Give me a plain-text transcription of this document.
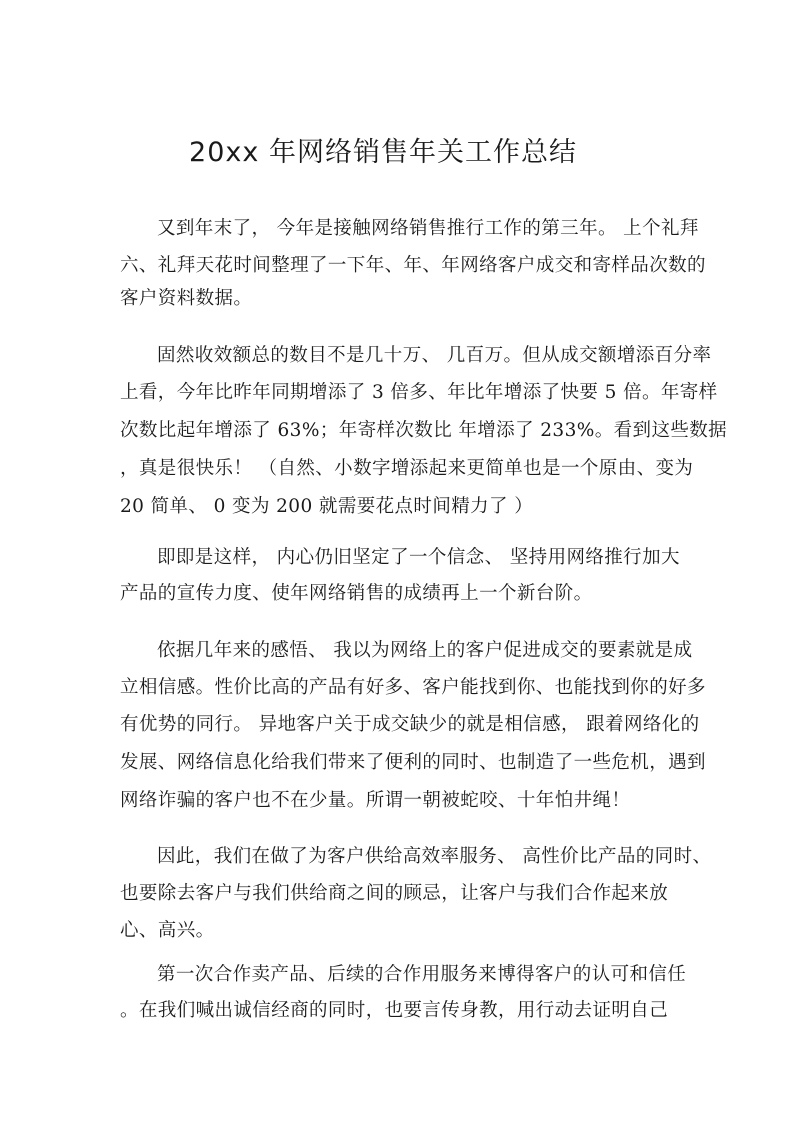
20xx 年网络销售年关工作总结

又到年末了， 今年是接触网络销售推行工作的第三年。 上个礼拜

六、礼拜天花时间整理了一下年、年、年网络客户成交和寄样品次数的

客户资料数据。

固然收效额总的数目不是几十万、 几百万。但从成交额增添百分率

上看，今年比昨年同期增添了 3 倍多、年比年增添了快要 5 倍。年寄样

次数比起年增添了 63%；年寄样次数比 年增添了 233%。看到这些数据

，真是很快乐！ （自然、小数字增添起来更简单也是一个原由、变为

20 简单、 0 变为 200 就需要花点时间精力了 ）

即即是这样， 内心仍旧坚定了一个信念、 坚持用网络推行加大

产品的宣传力度、使年网络销售的成绩再上一个新台阶。

依据几年来的感悟、 我以为网络上的客户促进成交的要素就是成

立相信感。性价比高的产品有好多、客户能找到你、也能找到你的好多

有优势的同行。 异地客户关于成交缺少的就是相信感， 跟着网络化的

发展、网络信息化给我们带来了便利的同时、也制造了一些危机，遇到

网络诈骗的客户也不在少量。所谓一朝被蛇咬、十年怕井绳！

因此，我们在做了为客户供给高效率服务、 高性价比产品的同时、

也要除去客户与我们供给商之间的顾忌，让客户与我们合作起来放

心、高兴。

第一次合作卖产品、后续的合作用服务来博得客户的认可和信任

。在我们喊出诚信经商的同时，也要言传身教，用行动去证明自己
